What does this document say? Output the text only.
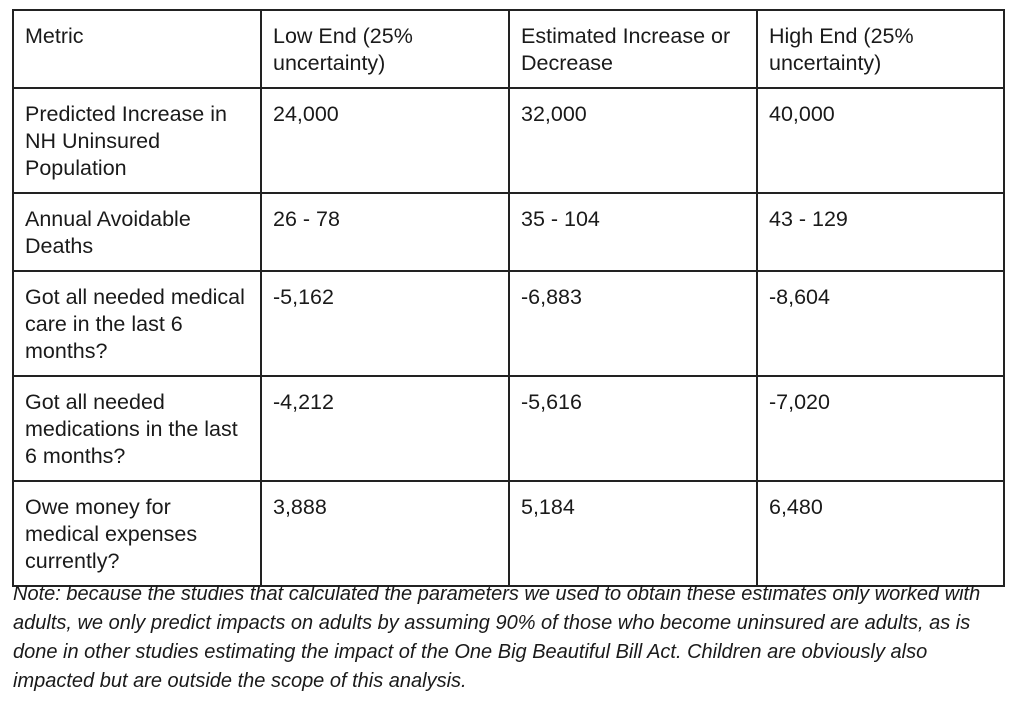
Metric	Low End (25% uncertainty)	Estimated Increase or Decrease	High End (25% uncertainty)
Predicted Increase in NH Uninsured Population	24,000	32,000	40,000
Annual Avoidable Deaths	26 - 78	35 - 104	43 - 129
Got all needed medical care in the last 6 months?	-5,162	-6,883	-8,604
Got all needed medications in the last 6 months?	-4,212	-5,616	-7,020
Owe money for medical expenses currently?	3,888	5,184	6,480

Note: because the studies that calculated the parameters we used to obtain these estimates only worked with adults, we only predict impacts on adults by assuming 90% of those who become uninsured are adults, as is done in other studies estimating the impact of the One Big Beautiful Bill Act. Children are obviously also impacted but are outside the scope of this analysis.
